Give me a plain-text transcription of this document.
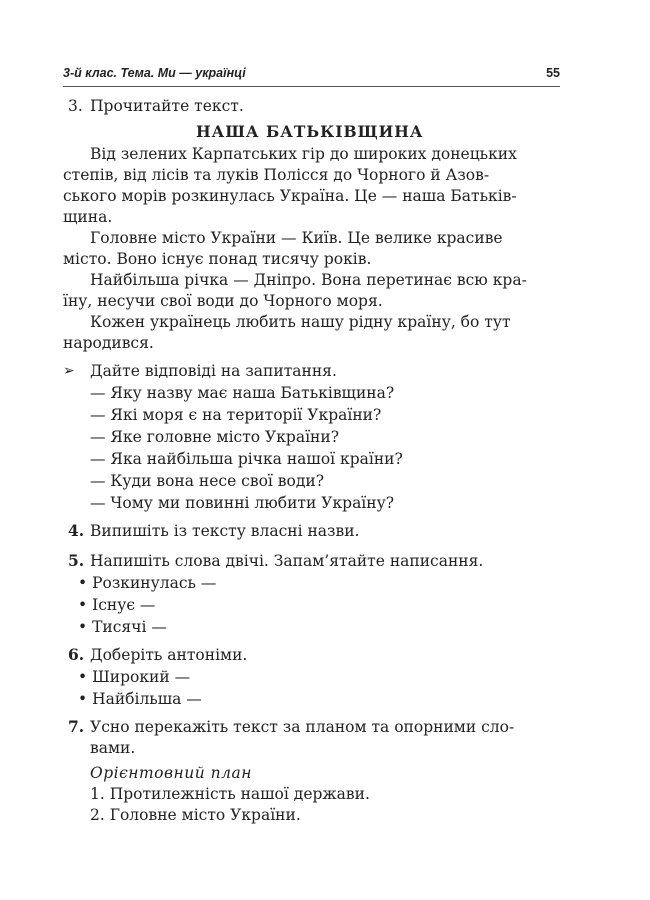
3-й клас. Тема. Ми — українці	55
3. Прочитайте текст.
НАША БАТЬКІВЩИНА
Від зелених Карпатських гір до широких донецьких
степів, від лісів та луків Полісся до Чорного й Азов-
ського морів розкинулась Україна. Це — наша Батьків-
щина.
Головне місто України — Київ. Це велике красиве
місто. Воно існує понад тисячу років.
Найбільша річка — Дніпро. Вона перетинає всю кра-
їну, несучи свої води до Чорного моря.
Кожен українець любить нашу рідну країну, бо тут
народився.
➢ Дайте відповіді на запитання.
— Яку назву має наша Батьківщина?
— Які моря є на території України?
— Яке головне місто України?
— Яка найбільша річка нашої країни?
— Куди вона несе свої води?
— Чому ми повинні любити Україну?
4. Випишіть із тексту власні назви.
5. Напишіть слова двічі. Запам’ятайте написання.
• Розкинулась —
• Існує —
• Тисячі —
6. Доберіть антоніми.
• Широкий —
• Найбільша —
7. Усно перекажіть текст за планом та опорними сло-
вами.
Орієнтовний план
1. Протилежність нашої держави.
2. Головне місто України.
